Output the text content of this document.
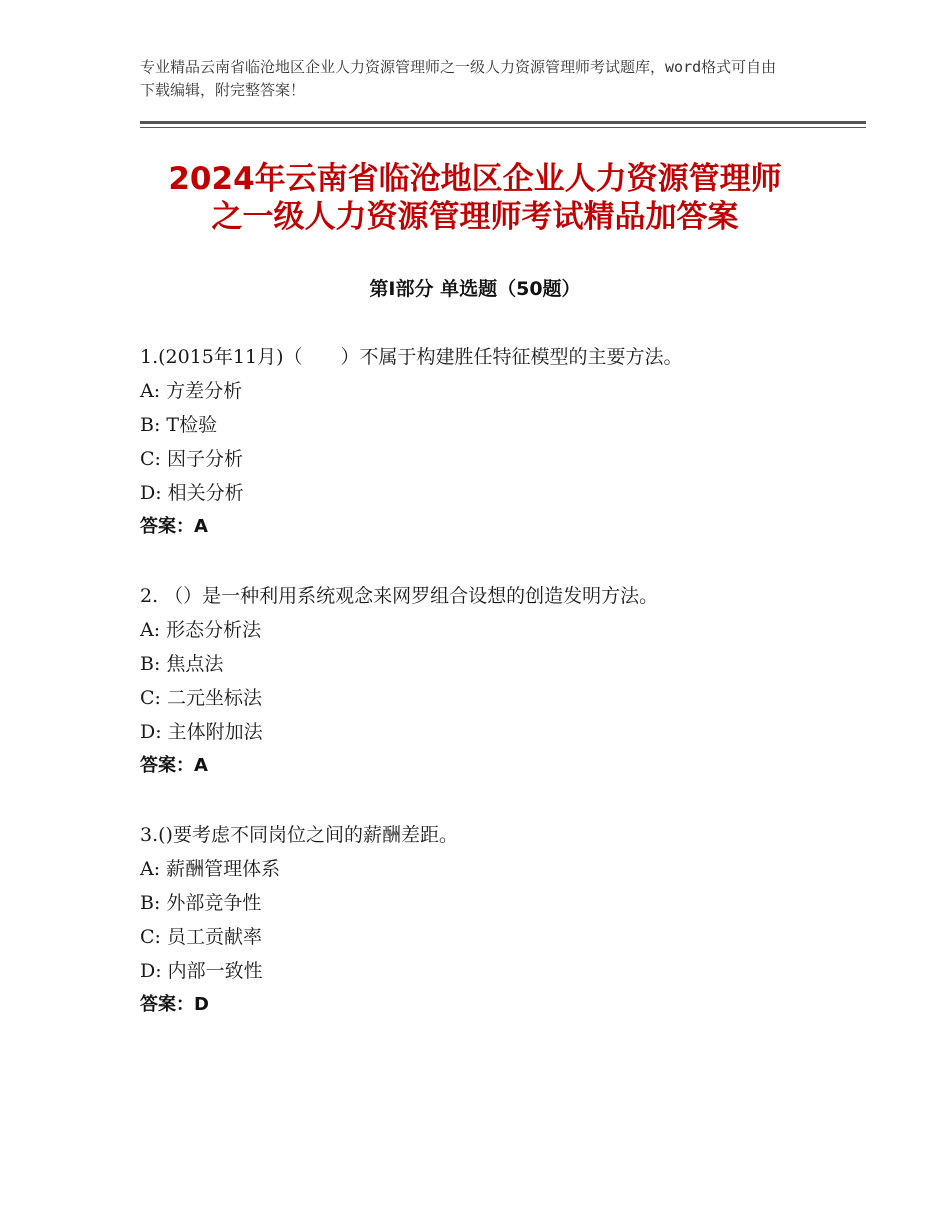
专业精品云南省临沧地区企业人力资源管理师之一级人力资源管理师考试题库，word格式可自由下载编辑，附完整答案！
2024年云南省临沧地区企业人力资源管理师
之一级人力资源管理师考试精品加答案
第Ⅰ部分 单选题（50题）
1.(2015年11月)（　　）不属于构建胜任特征模型的主要方法。
A: 方差分析
B: T检验
C: 因子分析
D: 相关分析
答案：A
2. （）是一种利用系统观念来网罗组合设想的创造发明方法。
A: 形态分析法
B: 焦点法
C: 二元坐标法
D: 主体附加法
答案：A
3.()要考虑不同岗位之间的薪酬差距。
A: 薪酬管理体系
B: 外部竞争性
C: 员工贡献率
D: 内部一致性
答案：D
